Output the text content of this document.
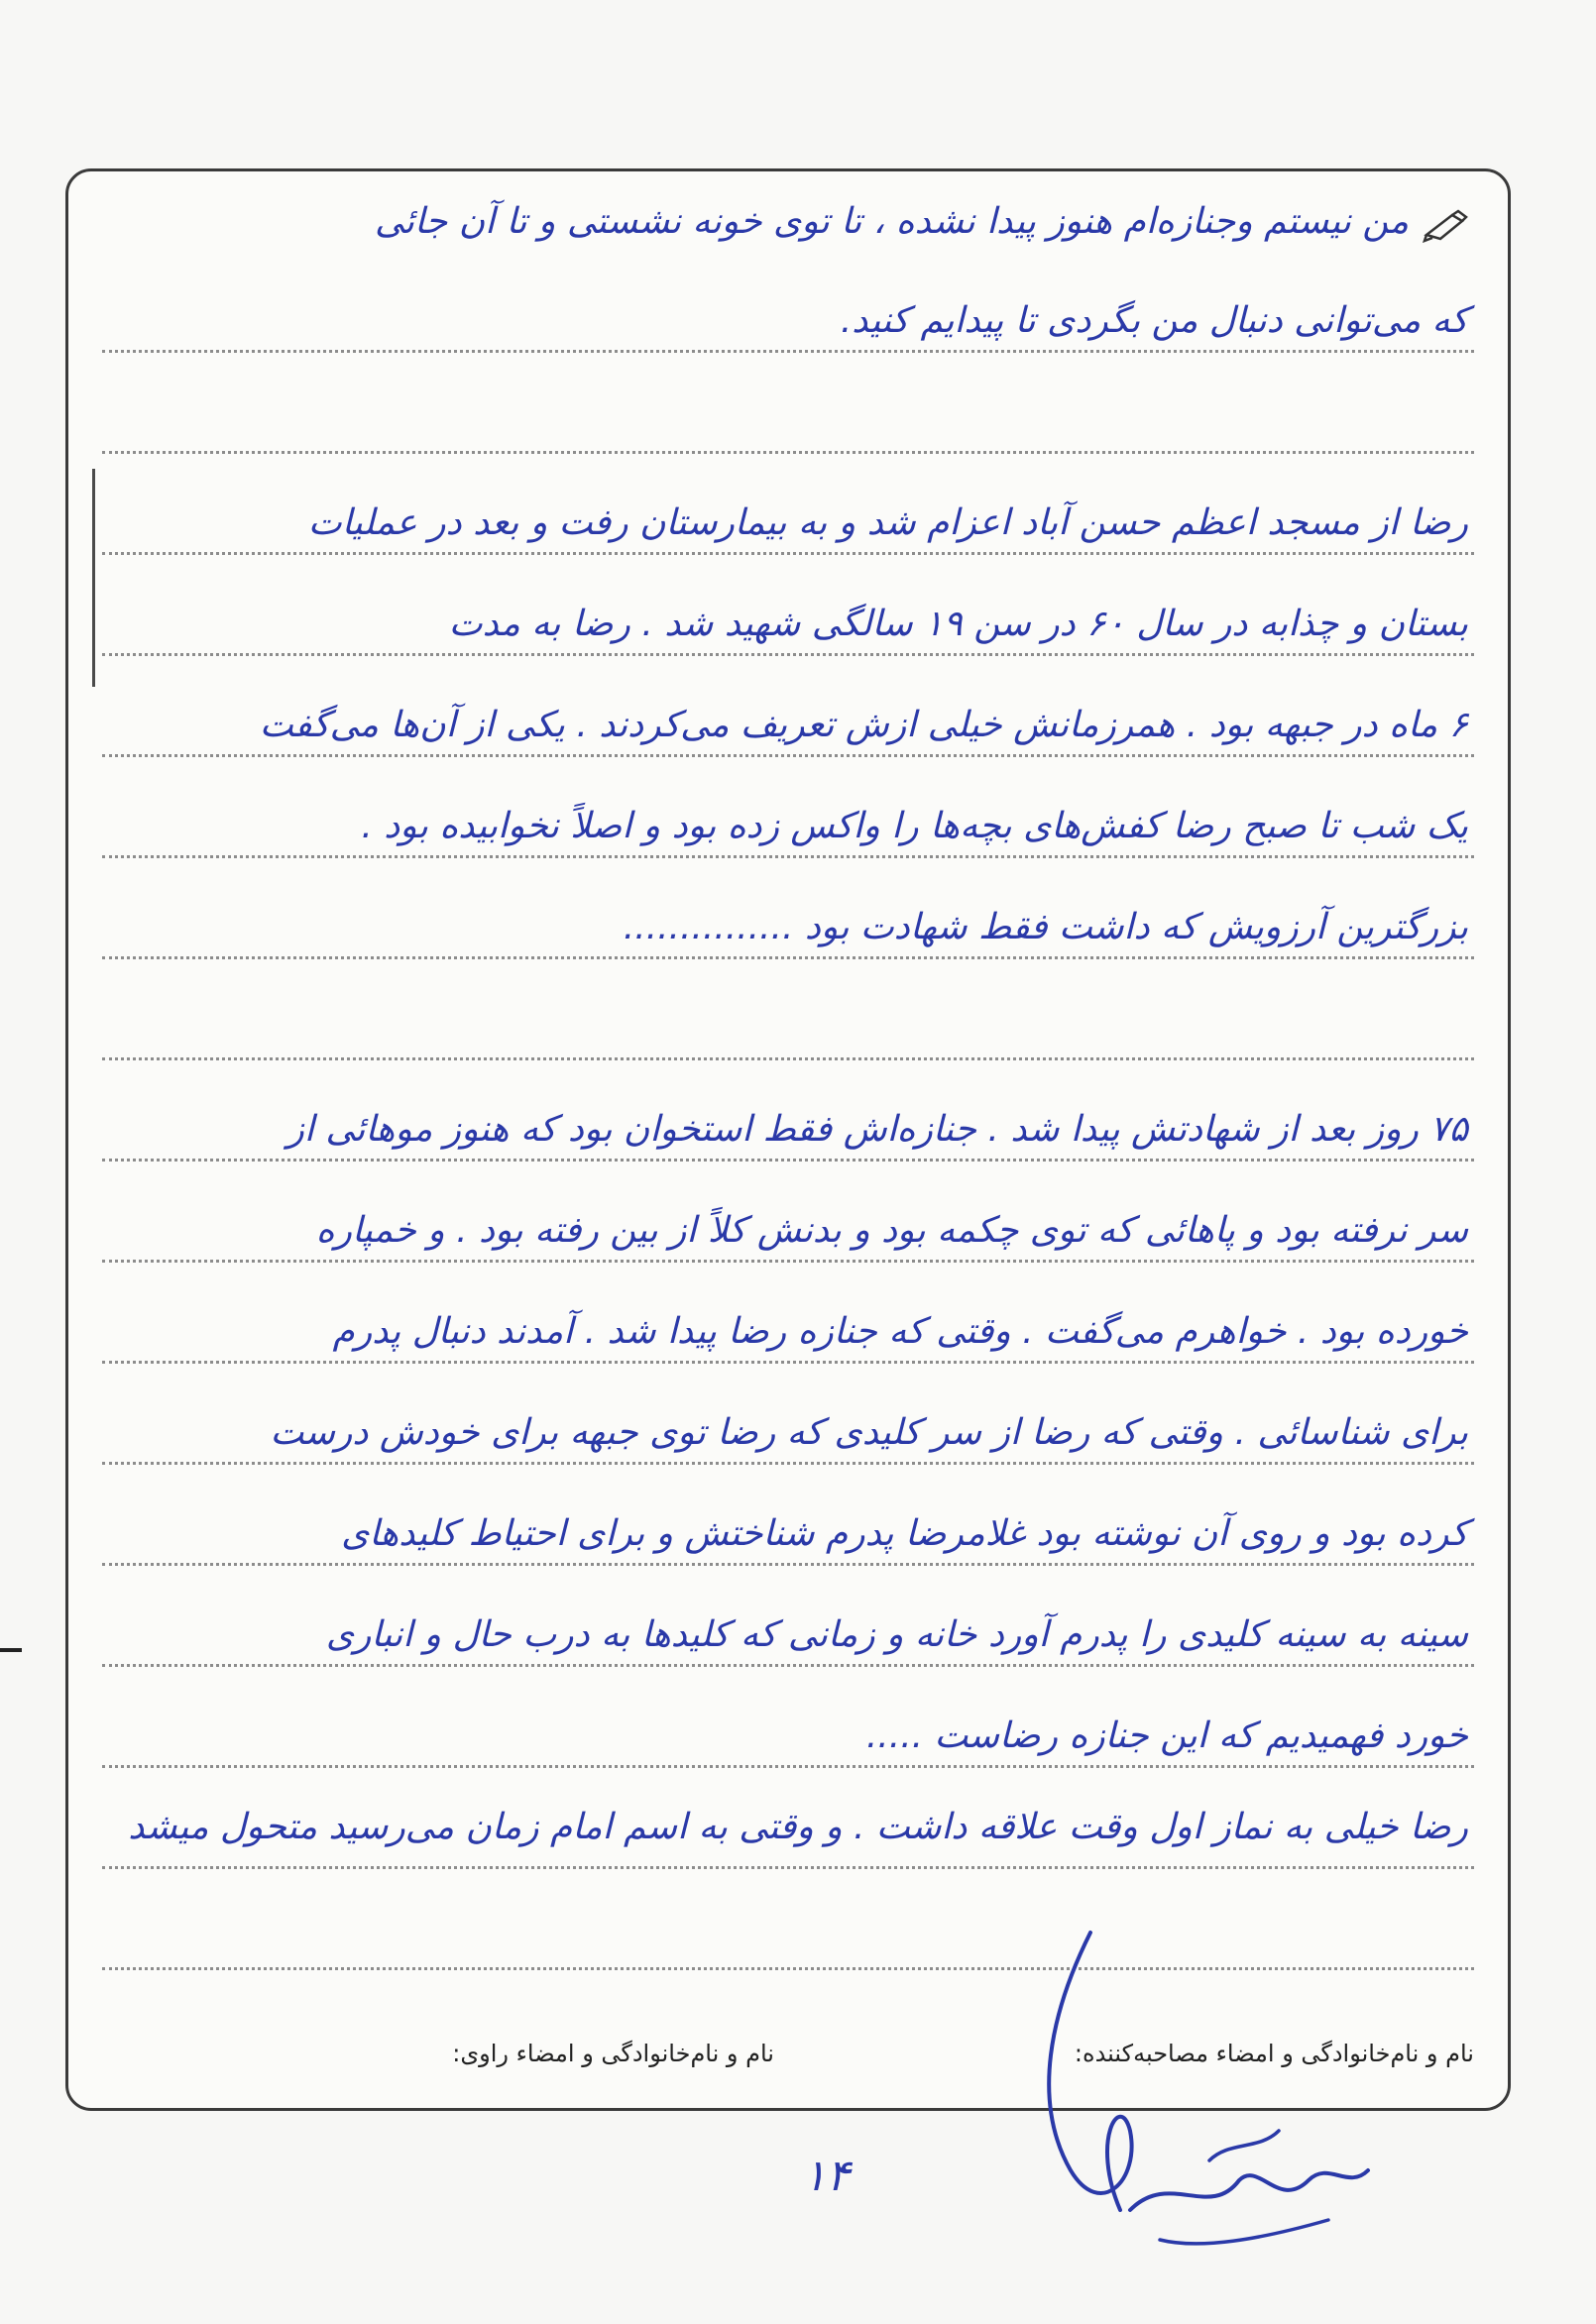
من نیستم وجنازه‌ام هنوز پیدا نشده ، تا توی خونه نشستی و تا آن جائی
که می‌توانی دنبال من بگردی تا پیدایم کنید.
رضا از مسجد اعظم حسن آباد اعزام شد و به بیمارستان رفت و بعد در عملیات
بستان و چذابه در سال ۶۰ در سن ۱۹ سالگی شهید شد . رضا به مدت
۶ ماه در جبهه بود . همرزمانش خیلی ازش تعریف می‌کردند . یکی از آن‌ها می‌گفت
یک شب تا صبح رضا کفش‌های بچه‌ها را واکس زده بود و اصلاً نخوابیده بود .
بزرگترین آرزویش که داشت فقط شهادت بود ...............
۷۵ روز بعد از شهادتش پیدا شد . جنازه‌اش فقط استخوان بود که هنوز موهائی از
سر نرفته بود و پاهائی که توی چکمه بود و بدنش کلاً از بین رفته بود . و خمپاره
خورده بود . خواهرم می‌گفت . وقتی که جنازه رضا پیدا شد . آمدند دنبال پدرم
برای شناسائی . وقتی که رضا از سر کلیدی که رضا توی جبهه برای خودش درست
کرده بود و روی آن نوشته بود غلامرضا پدرم شناختش و برای احتیاط کلیدهای
سینه به سینه کلیدی را پدرم آورد خانه و زمانی که کلیدها به درب حال و انباری
خورد فهمیدیم که این جنازه رضاست .....
رضا خیلی به نماز اول وقت علاقه داشت . و وقتی به اسم امام زمان می‌رسید متحول میشد
نام و نام‌خانوادگی و امضاء مصاحبه‌کننده:
نام و نام‌خانوادگی و امضاء راوی:
۱۴
